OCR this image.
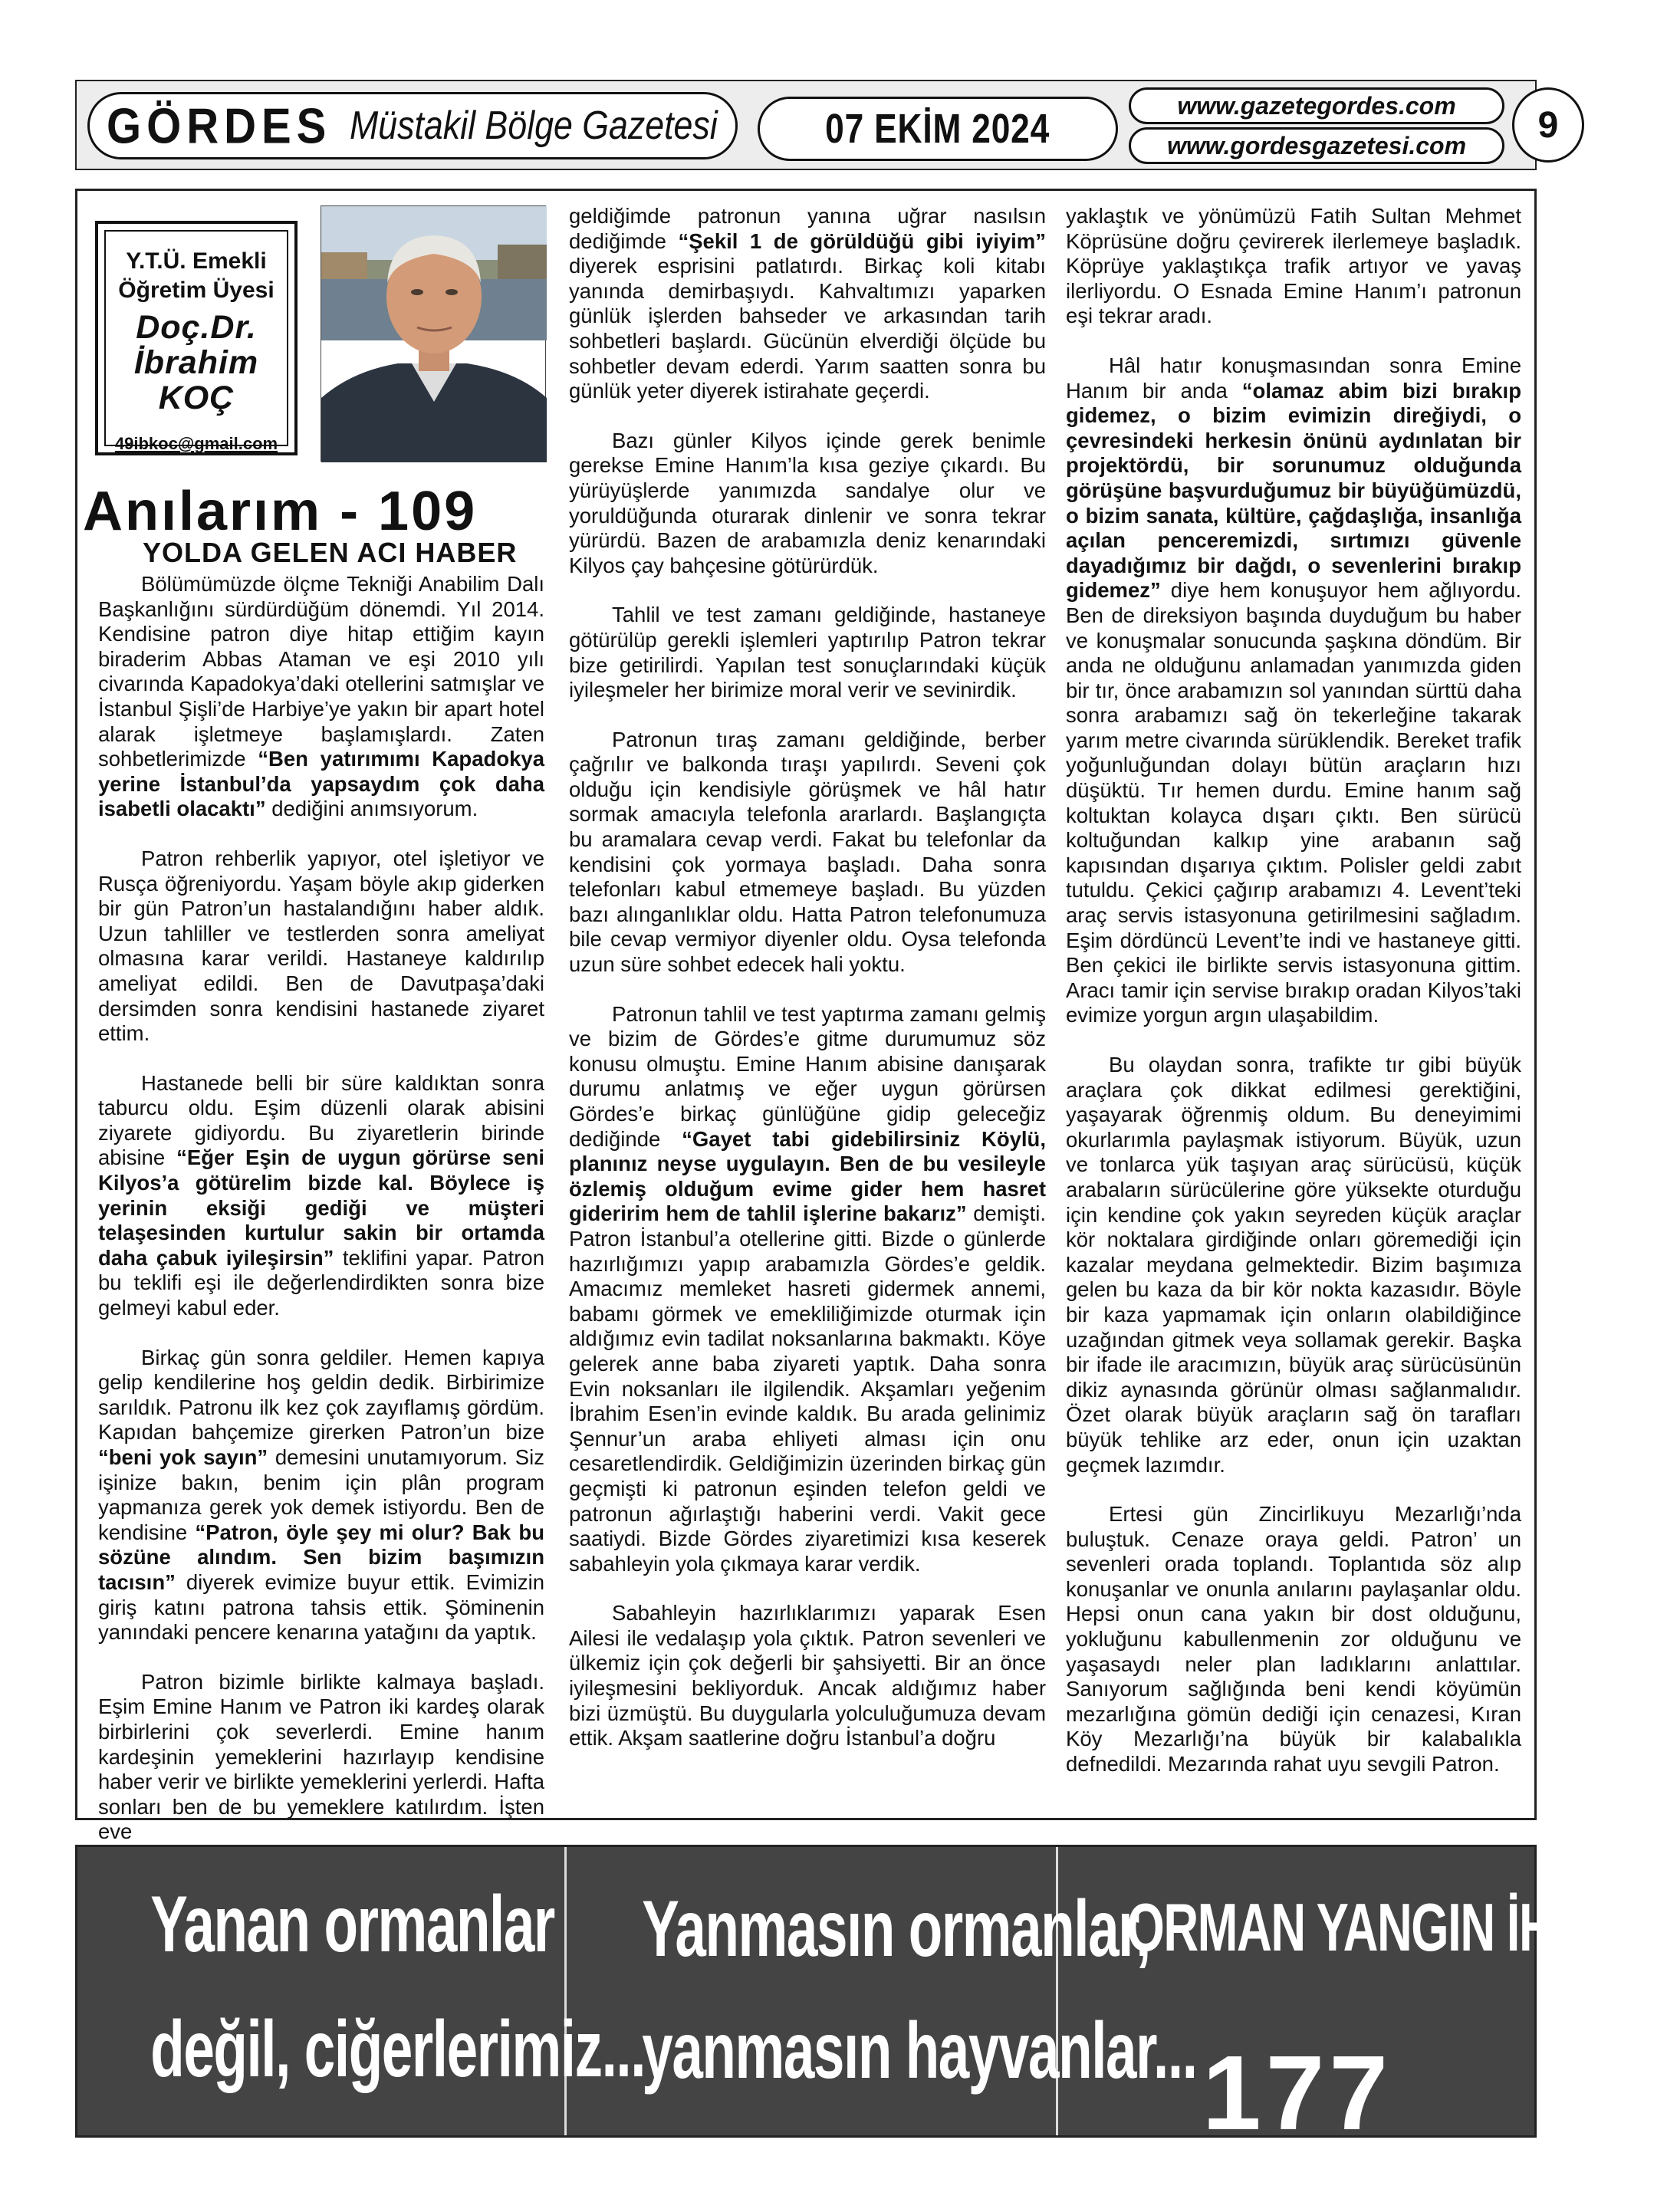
GÖRDES Müstakil Bölge Gazetesi	07 EKİM 2024
www.gazetegordes.com
www.gordesgazetesi.com	9
Y.T.Ü. Emekli
Öğretim Üyesi
Doç.Dr.
İbrahim
KOÇ
49ibkoc@gmail.com
Anılarım - 109
YOLDA GELEN ACI HABER

Bölümümüzde ölçme Tekniği Anabilim Dalı Başkanlığını sürdürdüğüm dönemdi. Yıl 2014. Kendisine patron diye hitap ettiğim kayın biraderim Abbas Ataman ve eşi 2010 yılı civarında Kapadokya’daki otellerini satmışlar ve İstanbul Şişli’de Harbiye’ye yakın bir apart hotel alarak işletmeye başlamışlardı. Zaten sohbetlerimizde “Ben yatırımımı Kapadokya yerine İstanbul’da yapsaydım çok daha isabetli olacaktı” dediğini anımsıyorum.

Patron rehberlik yapıyor, otel işletiyor ve Rusça öğreniyordu. Yaşam böyle akıp giderken bir gün Patron’un hastalandığını haber aldık. Uzun tahliller ve testlerden sonra ameliyat olmasına karar verildi. Hastaneye kaldırılıp ameliyat edildi. Ben de Davutpaşa’daki dersimden sonra kendisini hastanede ziyaret ettim.

Hastanede belli bir süre kaldıktan sonra taburcu oldu. Eşim düzenli olarak abisini ziyarete gidiyordu. Bu ziyaretlerin birinde abisine “Eğer Eşin de uygun görürse seni Kilyos’a götürelim bizde kal. Böylece iş yerinin eksiği gediği ve müşteri telaşesinden kurtulur sakin bir ortamda daha çabuk iyileşirsin” teklifini yapar. Patron bu teklifi eşi ile değerlendirdikten sonra bize gelmeyi kabul eder.

Birkaç gün sonra geldiler. Hemen kapıya gelip kendilerine hoş geldin dedik. Birbirimize sarıldık. Patronu ilk kez çok zayıflamış gördüm. Kapıdan bahçemize girerken Patron’un bize “beni yok sayın” demesini unutamıyorum. Siz işinize bakın, benim için plân program yapmanıza gerek yok demek istiyordu. Ben de kendisine “Patron, öyle şey mi olur? Bak bu sözüne alındım. Sen bizim başımızın tacısın” diyerek evimize buyur ettik. Evimizin giriş katını patrona tahsis ettik. Şöminenin yanındaki pencere kenarına yatağını da yaptık.

Patron bizimle birlikte kalmaya başladı. Eşim Emine Hanım ve Patron iki kardeş olarak birbirlerini çok severlerdi. Emine hanım kardeşinin yemeklerini hazırlayıp kendisine haber verir ve birlikte yemeklerini yerlerdi. Hafta sonları ben de bu yemeklere katılırdım. İşten eve

geldiğimde patronun yanına uğrar nasılsın dediğimde “Şekil 1 de görüldüğü gibi iyiyim” diyerek esprisini patlatırdı. Birkaç koli kitabı yanında demirbaşıydı. Kahvaltımızı yaparken günlük işlerden bahseder ve arkasından tarih sohbetleri başlardı. Gücünün elverdiği ölçüde bu sohbetler devam ederdi. Yarım saatten sonra bu günlük yeter diyerek istirahate geçerdi.

Bazı günler Kilyos içinde gerek benimle gerekse Emine Hanım’la kısa geziye çıkardı. Bu yürüyüşlerde yanımızda sandalye olur ve yoruldüğunda oturarak dinlenir ve sonra tekrar yürürdü. Bazen de arabamızla deniz kenarındaki Kilyos çay bahçesine götürürdük.

Tahlil ve test zamanı geldiğinde, hastaneye götürülüp gerekli işlemleri yaptırılıp Patron tekrar bize getirilirdi. Yapılan test sonuçlarındaki küçük iyileşmeler her birimize moral verir ve sevinirdik.

Patronun tıraş zamanı geldiğinde, berber çağrılır ve balkonda tıraşı yapılırdı. Seveni çok olduğu için kendisiyle görüşmek ve hâl hatır sormak amacıyla telefonla ararlardı. Başlangıçta bu aramalara cevap verdi. Fakat bu telefonlar da kendisini çok yormaya başladı. Daha sonra telefonları kabul etmemeye başladı. Bu yüzden bazı alınganlıklar oldu. Hatta Patron telefonumuza bile cevap vermiyor diyenler oldu. Oysa telefonda uzun süre sohbet edecek hali yoktu.

Patronun tahlil ve test yaptırma zamanı gelmiş ve bizim de Gördes’e gitme durumumuz söz konusu olmuştu. Emine Hanım abisine danışarak durumu anlatmış ve eğer uygun görürsen Gördes’e birkaç günlüğüne gidip geleceğiz dediğinde “Gayet tabi gidebilirsiniz Köylü, planınız neyse uygulayın. Ben de bu vesileyle özlemiş olduğum evime gider hem hasret gideririm hem de tahlil işlerine bakarız” demişti. Patron İstanbul’a otellerine gitti. Bizde o günlerde hazırlığımızı yapıp arabamızla Gördes’e geldik. Amacımız memleket hasreti gidermek annemi, babamı görmek ve emekliliğimizde oturmak için aldığımız evin tadilat noksanlarına bakmaktı. Köye gelerek anne baba ziyareti yaptık. Daha sonra Evin noksanları ile ilgilendik. Akşamları yeğenim İbrahim Esen’in evinde kaldık. Bu arada gelinimiz Şennur’un araba ehliyeti alması için onu cesaretlendirdik. Geldiğimizin üzerinden birkaç gün geçmişti ki patronun eşinden telefon geldi ve patronun ağırlaştığı haberini verdi. Vakit gece saatiydi. Bizde Gördes ziyaretimizi kısa keserek sabahleyin yola çıkmaya karar verdik.

Sabahleyin hazırlıklarımızı yaparak Esen Ailesi ile vedalaşıp yola çıktık. Patron sevenleri ve ülkemiz için çok değerli bir şahsiyetti. Bir an önce iyileşmesini bekliyorduk. Ancak aldığımız haber bizi üzmüştü. Bu duygularla yolculuğumuza devam ettik. Akşam saatlerine doğru İstanbul’a doğru

yaklaştık ve yönümüzü Fatih Sultan Mehmet Köprüsüne doğru çevirerek ilerlemeye başladık. Köprüye yaklaştıkça trafik artıyor ve yavaş ilerliyordu. O Esnada Emine Hanım’ı patronun eşi tekrar aradı.

Hâl hatır konuşmasından sonra Emine Hanım bir anda “olamaz abim bizi bırakıp gidemez, o bizim evimizin direğiydi, o çevresindeki herkesin önünü aydınlatan bir projektördü, bir sorunumuz olduğunda görüşüne başvurduğumuz bir büyüğümüzdü, o bizim sanata, kültüre, çağdaşlığa, insanlığa açılan penceremizdi, sırtımızı güvenle dayadığımız bir dağdı, o sevenlerini bırakıp gidemez” diye hem konuşuyor hem ağlıyordu. Ben de direksiyon başında duyduğum bu haber ve konuşmalar sonucunda şaşkına döndüm. Bir anda ne olduğunu anlamadan yanımızda giden bir tır, önce arabamızın sol yanından sürttü daha sonra arabamızı sağ ön tekerleğine takarak yarım metre civarında sürüklendik. Bereket trafik yoğunluğundan dolayı bütün araçların hızı düşüktü. Tır hemen durdu. Emine hanım sağ koltuktan kolayca dışarı çıktı. Ben sürücü koltuğundan kalkıp yine arabanın sağ kapısından dışarıya çıktım. Polisler geldi zabıt tutuldu. Çekici çağırıp arabamızı 4. Levent’teki araç servis istasyonuna getirilmesini sağladım. Eşim dördüncü Levent’te indi ve hastaneye gitti. Ben çekici ile birlikte servis istasyonuna gittim. Aracı tamir için servise bırakıp oradan Kilyos’taki evimize yorgun argın ulaşabildim.

Bu olaydan sonra, trafikte tır gibi büyük araçlara çok dikkat edilmesi gerektiğini, yaşayarak öğrenmiş oldum. Bu deneyimimi okurlarımla paylaşmak istiyorum. Büyük, uzun ve tonlarca yük taşıyan araç sürücüsü, küçük arabaların sürücülerine göre yüksekte oturduğu için kendine çok yakın seyreden küçük araçlar kör noktalara girdiğinde onları göremediği için kazalar meydana gelmektedir. Bizim başımıza gelen bu kaza da bir kör nokta kazasıdır. Böyle bir kaza yapmamak için onların olabildiğince uzağından gitmek veya sollamak gerekir. Başka bir ifade ile aracımızın, büyük araç sürücüsünün dikiz aynasında görünür olması sağlanmalıdır. Özet olarak büyük araçların sağ ön tarafları büyük tehlike arz eder, onun için uzaktan geçmek lazımdır.

Ertesi gün Zincirlikuyu Mezarlığı’nda buluştuk. Cenaze oraya geldi. Patron’ un sevenleri orada toplandı. Toplantıda söz alıp konuşanlar ve onunla anılarını paylaşanlar oldu. Hepsi onun cana yakın bir dost olduğunu, yokluğunu kabullenmenin zor olduğunu ve yaşasaydı neler plan ladıklarını anlattılar. Sanıyorum sağlığında beni kendi köyümün mezarlığına gömün dediği için cenazesi, Kıran Köy Mezarlığı’na büyük bir kalabalıkla defnedildi. Mezarında rahat uyu sevgili Patron.

Yanan ormanlar
değil, ciğerlerimiz...
Yanmasın ormanlar,
yanmasın hayvanlar...
ORMAN YANGIN İHBARI
177
